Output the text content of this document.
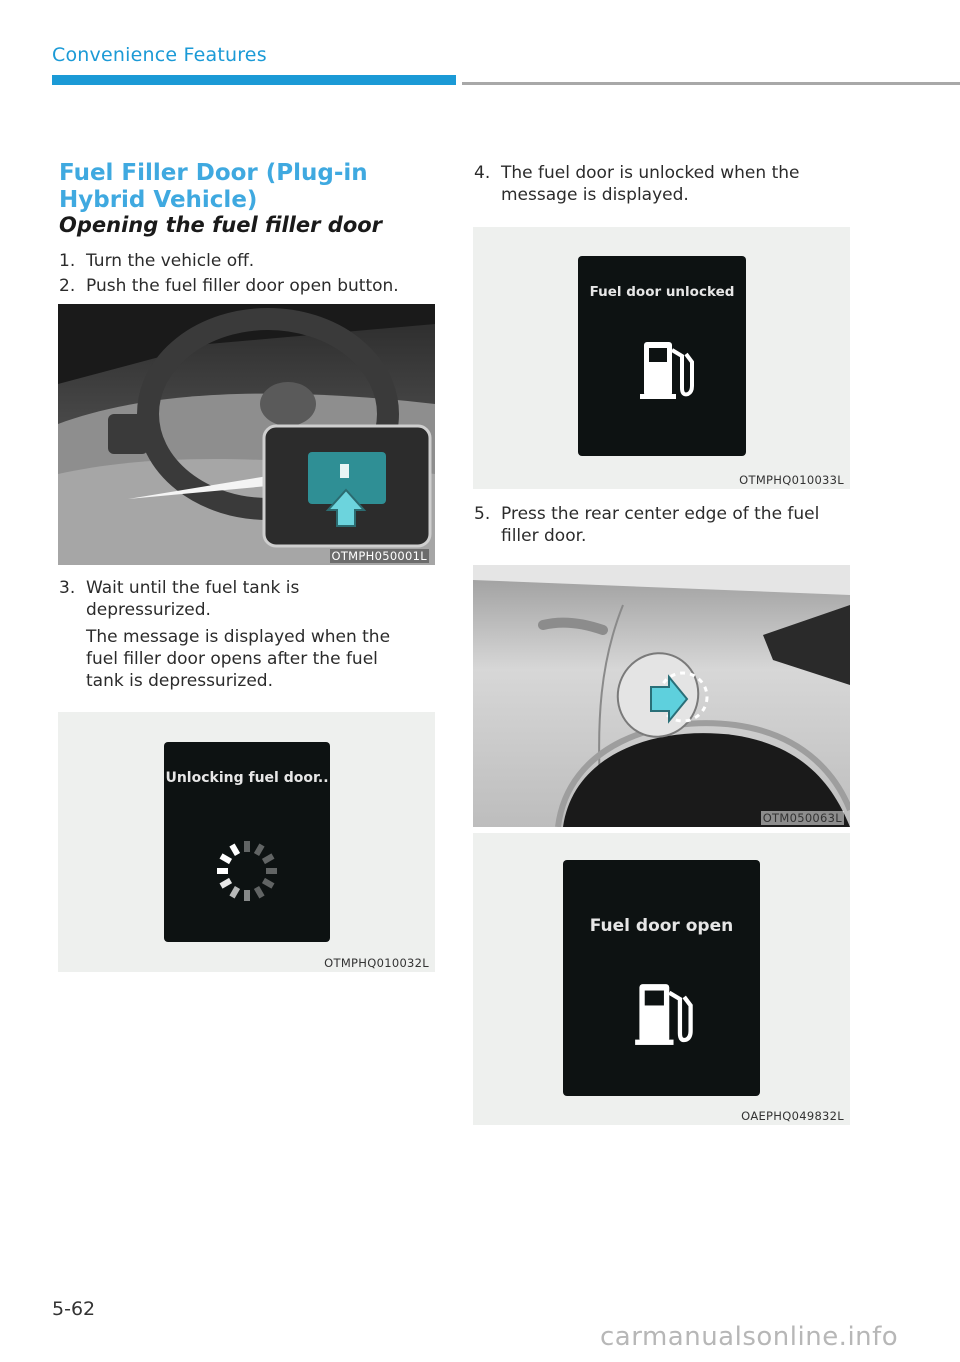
Convenience Features
Fuel Filler Door (Plug-in Hybrid Vehicle)
Opening the fuel filler door
1. Turn the vehicle off.
2. Push the fuel filler door open button.
OTMPH050001L
3. Wait until the fuel tank is
depressurized.
The message is displayed when the
fuel filler door opens after the fuel
tank is depressurized.
Unlocking fuel door..
OTMPHQ010032L
4. The fuel door is unlocked when the
message is displayed.
Fuel door unlocked
OTMPHQ010033L
5. Press the rear center edge of the fuel
filler door.
OTM050063L
Fuel door open
OAEPHQ049832L
5-62
carmanualsonline.info
